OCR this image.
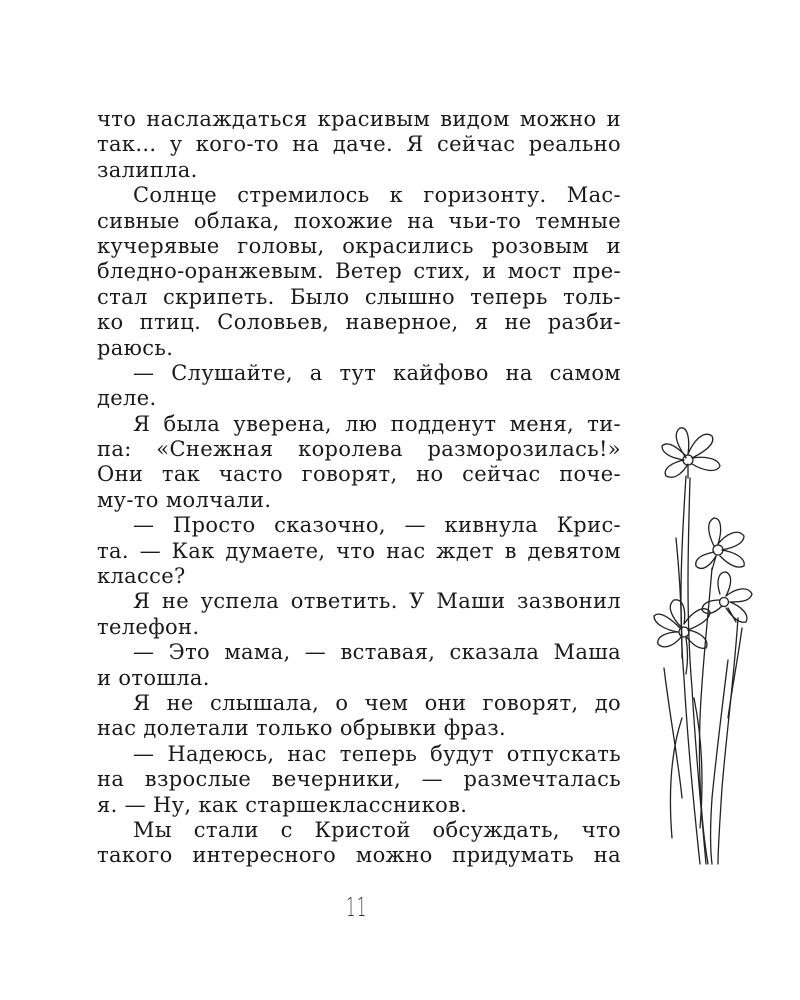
что наслаждаться красивым видом можно и
так... у кого-то на даче. Я сейчас реально
залипла.
Солнце стремилось к горизонту. Мас-
сивные облака, похожие на чьи-то темные
кучерявые головы, окрасились розовым и
бледно-оранжевым. Ветер стих, и мост пре-
стал скрипеть. Было слышно теперь толь-
ко птиц. Соловьев, наверное, я не разби-
раюсь.
— Слушайте, а тут кайфово на самом
деле.
Я была уверена, лю подденут меня, ти-
па: «Снежная королева разморозилась!»
Они так часто говорят, но сейчас поче-
му-то молчали.
— Просто сказочно, — кивнула Крис-
та. — Как думаете, что нас ждет в девятом
классе?
Я не успела ответить. У Маши зазвонил
телефон.
— Это мама, — вставая, сказала Маша
и отошла.
Я не слышала, о чем они говорят, до
нас долетали только обрывки фраз.
— Надеюсь, нас теперь будут отпускать
на взрослые вечерники, — размечталась
я. — Ну, как старшеклассников.
Мы стали с Кристой обсуждать, что
такого интересного можно придумать на
11
